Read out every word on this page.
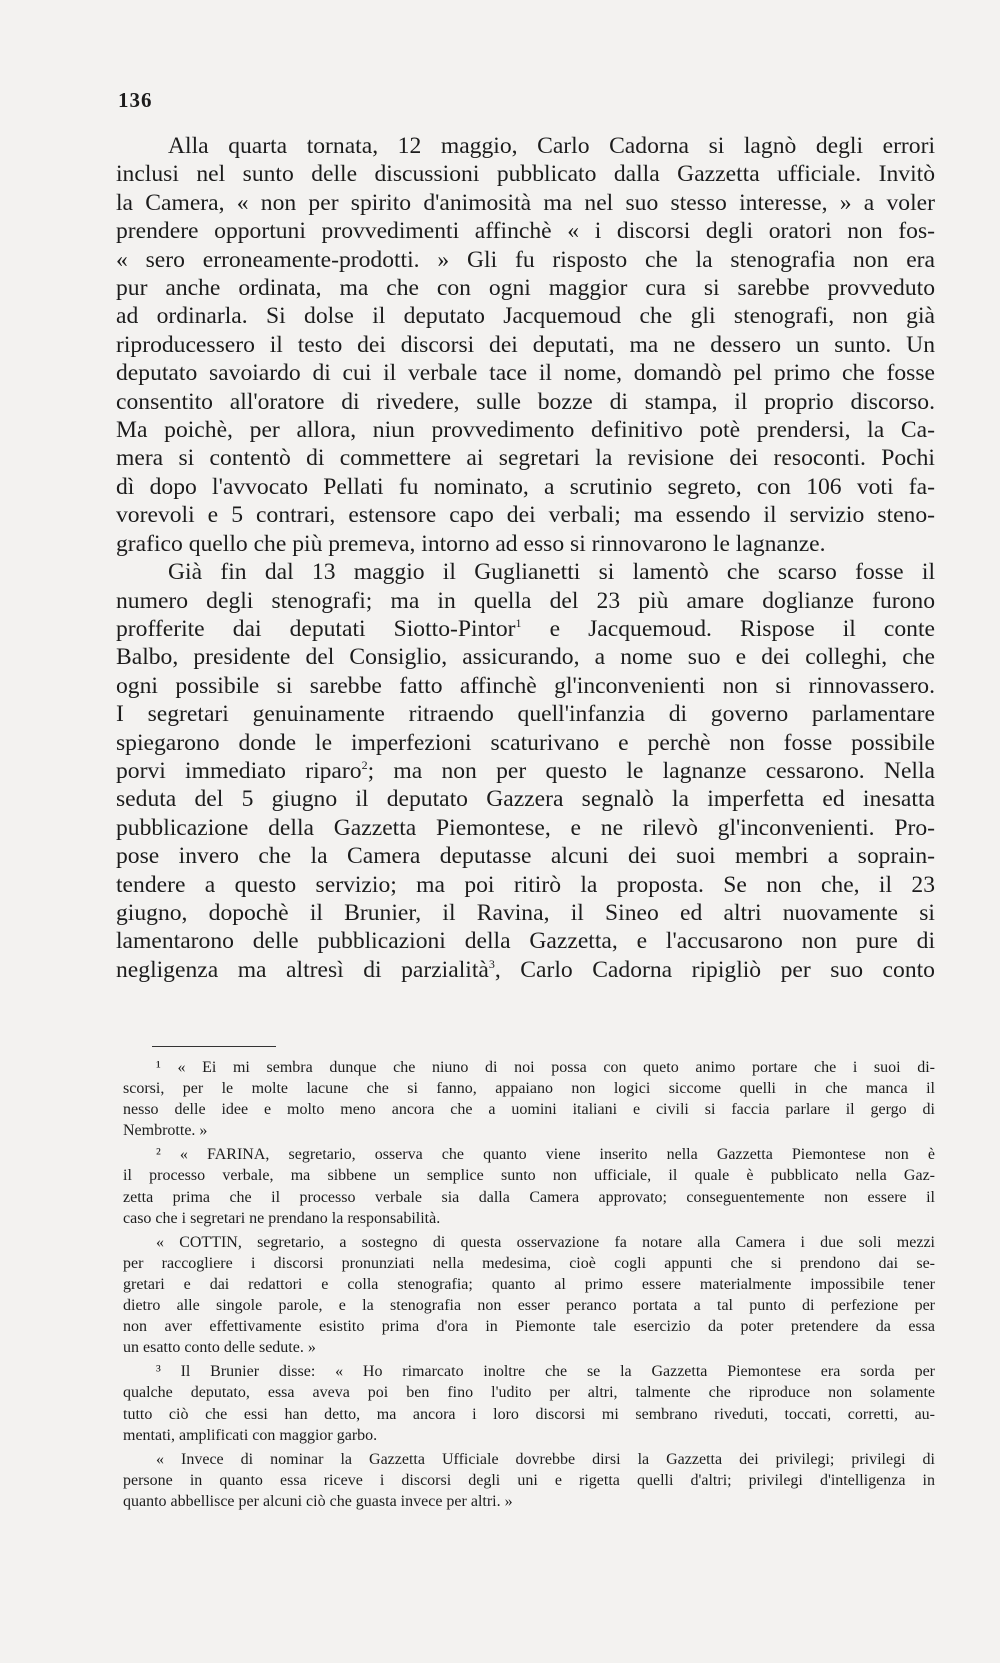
136
Alla quarta tornata, 12 maggio, Carlo Cadorna si lagnò degli errori
inclusi nel sunto delle discussioni pubblicato dalla Gazzetta ufficiale. Invitò
la Camera, « non per spirito d'animosità ma nel suo stesso interesse, » a voler
prendere opportuni provvedimenti affinchè « i discorsi degli oratori non fos-
« sero erroneamente-prodotti. » Gli fu risposto che la stenografia non era
pur anche ordinata, ma che con ogni maggior cura si sarebbe provveduto
ad ordinarla. Si dolse il deputato Jacquemoud che gli stenografi, non già
riproducessero il testo dei discorsi dei deputati, ma ne dessero un sunto. Un
deputato savoiardo di cui il verbale tace il nome, domandò pel primo che fosse
consentito all'oratore di rivedere, sulle bozze di stampa, il proprio discorso.
Ma poichè, per allora, niun provvedimento definitivo potè prendersi, la Ca-
mera si contentò di commettere ai segretari la revisione dei resoconti. Pochi
dì dopo l'avvocato Pellati fu nominato, a scrutinio segreto, con 106 voti fa-
vorevoli e 5 contrari, estensore capo dei verbali; ma essendo il servizio steno-
grafico quello che più premeva, intorno ad esso si rinnovarono le lagnanze.
Già fin dal 13 maggio il Guglianetti si lamentò che scarso fosse il
numero degli stenografi; ma in quella del 23 più amare doglianze furono
profferite dai deputati Siotto-Pintor$^1$ e Jacquemoud. Rispose il conte
Balbo, presidente del Consiglio, assicurando, a nome suo e dei colleghi, che
ogni possibile si sarebbe fatto affinchè gl'inconvenienti non si rinnovassero.
I segretari genuinamente ritraendo quell'infanzia di governo parlamentare
spiegarono donde le imperfezioni scaturivano e perchè non fosse possibile
porvi immediato riparo$^2$; ma non per questo le lagnanze cessarono. Nella
seduta del 5 giugno il deputato Gazzera segnalò la imperfetta ed inesatta
pubblicazione della Gazzetta Piemontese, e ne rilevò gl'inconvenienti. Pro-
pose invero che la Camera deputasse alcuni dei suoi membri a soprain-
tendere a questo servizio; ma poi ritirò la proposta. Se non che, il 23
giugno, dopochè il Brunier, il Ravina, il Sineo ed altri nuovamente si
lamentarono delle pubblicazioni della Gazzetta, e l'accusarono non pure di
negligenza ma altresì di parzialità$^3$, Carlo Cadorna ripigliò per suo conto
¹ « Ei mi sembra dunque che niuno di noi possa con queto animo portare che i suoi di-
scorsi, per le molte lacune che si fanno, appaiano non logici siccome quelli in che manca il
nesso delle idee e molto meno ancora che a uomini italiani e civili si faccia parlare il gergo di
Nembrotte. »
² « FARINA, segretario, osserva che quanto viene inserito nella Gazzetta Piemontese non è
il processo verbale, ma sibbene un semplice sunto non ufficiale, il quale è pubblicato nella Gaz-
zetta prima che il processo verbale sia dalla Camera approvato; conseguentemente non essere il
caso che i segretari ne prendano la responsabilità.
« COTTIN, segretario, a sostegno di questa osservazione fa notare alla Camera i due soli mezzi
per raccogliere i discorsi pronunziati nella medesima, cioè cogli appunti che si prendono dai se-
gretari e dai redattori e colla stenografia; quanto al primo essere materialmente impossibile tener
dietro alle singole parole, e la stenografia non esser peranco portata a tal punto di perfezione per
non aver effettivamente esistito prima d'ora in Piemonte tale esercizio da poter pretendere da essa
un esatto conto delle sedute. »
³ Il Brunier disse: « Ho rimarcato inoltre che se la Gazzetta Piemontese era sorda per
qualche deputato, essa aveva poi ben fino l'udito per altri, talmente che riproduce non solamente
tutto ciò che essi han detto, ma ancora i loro discorsi mi sembrano riveduti, toccati, corretti, au-
mentati, amplificati con maggior garbo.
« Invece di nominar la Gazzetta Ufficiale dovrebbe dirsi la Gazzetta dei privilegi; privilegi di
persone in quanto essa riceve i discorsi degli uni e rigetta quelli d'altri; privilegi d'intelligenza in
quanto abbellisce per alcuni ciò che guasta invece per altri. »
